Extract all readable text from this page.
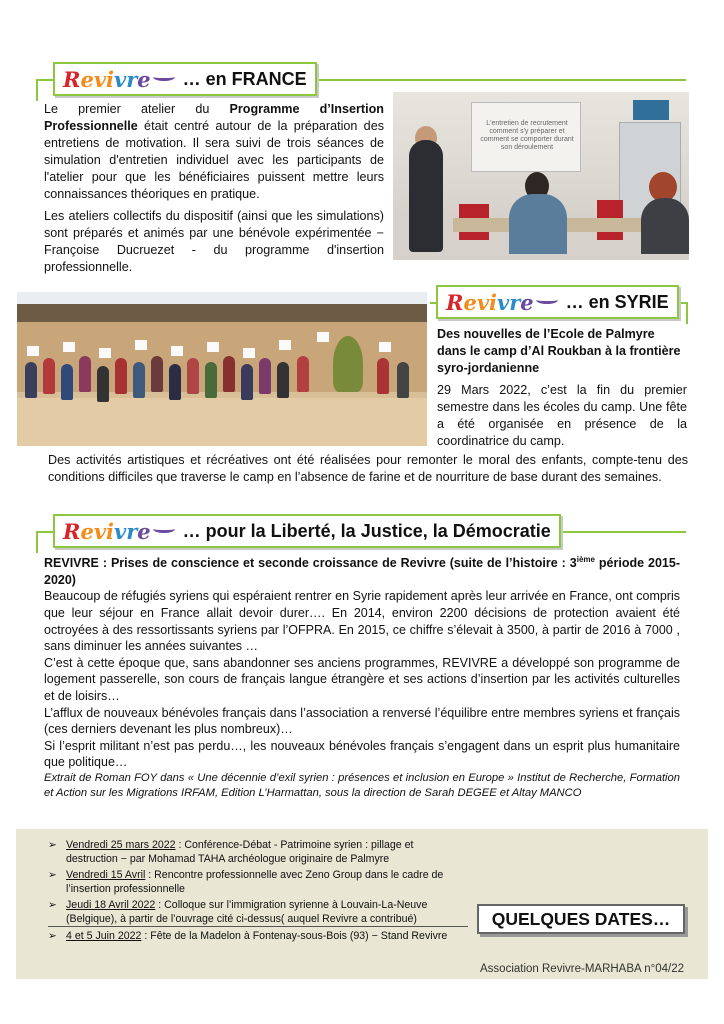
R evi vr e … en FRANCE

Le premier atelier du Programme d’Insertion Professionnelle était centré autour de la préparation des entretiens de motivation. Il sera suivi de trois séances de simulation d'entretien individuel avec les participants de l'atelier pour que les bénéficiaires puissent mettre leurs connaissances théoriques en pratique.

Les ateliers collectifs du dispositif (ainsi que les simulations) sont préparés et animés par une bénévole expérimentée − Françoise Ducruezet - du programme d'insertion professionnelle.

L'entretien de recrutement comment s'y préparer et comment se comporter durant son déroulement
R evi vr e … en SYRIE

Des nouvelles de l’Ecole de Palmyre dans le camp d’Al Roukban à la frontière syro-jordanienne

29 Mars 2022, c’est la fin du premier semestre dans les écoles du camp. Une fête a été organisée en présence de la coordinatrice du camp.

Des activités artistiques et récréatives ont été réalisées pour remonter le moral des enfants, compte-tenu des conditions difficiles que traverse le camp en l’absence de farine et de nourriture de base durant des semaines.

R evi vr e … pour la Liberté, la Justice, la Démocratie

REVIVRE : Prises de conscience et seconde croissance de Revivre (suite de l’histoire : 3ième période 2015-2020)

Beaucoup de réfugiés syriens qui espéraient rentrer en Syrie rapidement après leur arrivée en France, ont compris que leur séjour en France allait devoir durer…. En 2014, environ 2200 décisions de protection avaient été octroyées à des ressortissants syriens par l’OFPRA. En 2015, ce chiffre s’élevait à 3500, à partir de 2016 à 7000 , sans diminuer les années suivantes …

C’est à cette époque que, sans abandonner ses anciens programmes, REVIVRE a développé son programme de logement passerelle, son cours de français langue étrangère et ses actions d’insertion par les activités culturelles et de loisirs…

L’afflux de nouveaux bénévoles français dans l’association a renversé l’équilibre entre membres syriens et français (ces derniers devenant les plus nombreux)…

Si l’esprit militant n’est pas perdu…, les nouveaux bénévoles français s’engagent dans un esprit plus humanitaire que politique…

Extrait de Roman FOY dans « Une décennie d’exil syrien : présences et inclusion en Europe » Institut de Recherche, Formation et Action sur les Migrations IRFAM, Edition L’Harmattan, sous la direction de Sarah DEGEE et Altay MANCO

➢ Vendredi 25 mars 2022 : Conférence-Débat - Patrimoine syrien : pillage et destruction − par Mohamad TAHA archéologue originaire de Palmyre
➢ Vendredi 15 Avril : Rencontre professionnelle avec Zeno Group dans le cadre de l’insertion professionnelle
➢ Jeudi 18 Avril 2022 : Colloque sur l’immigration syrienne à Louvain-La-Neuve (Belgique), à partir de l’ouvrage cité ci-dessus( auquel Revivre a contribué)
➢ 4 et 5 Juin 2022 : Fête de la Madelon à Fontenay-sous-Bois (93) − Stand Revivre
QUELQUES DATES…
Association Revivre-MARHABA n°04/22
